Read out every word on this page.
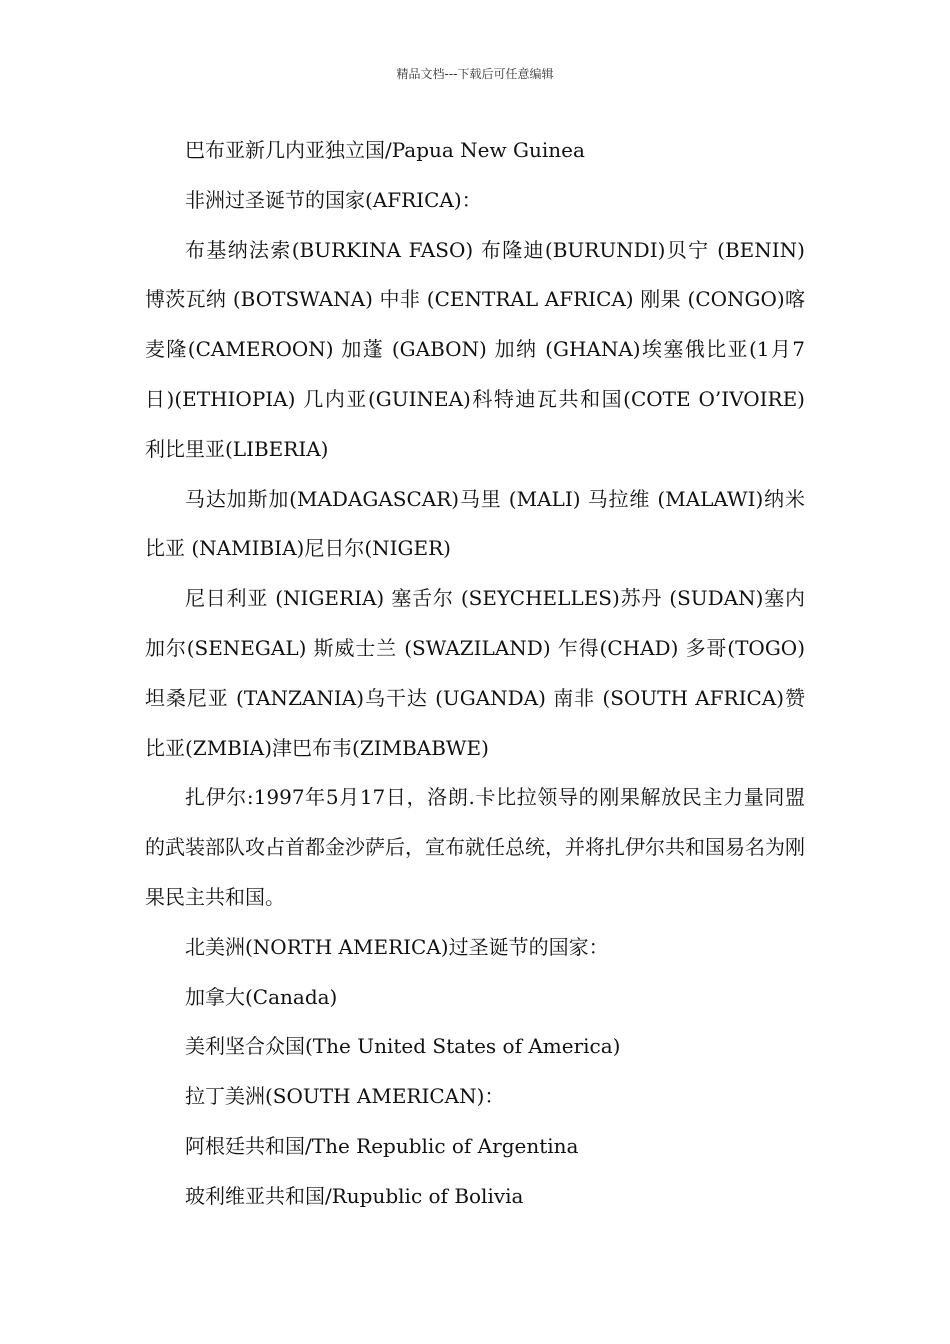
精品文档---下载后可任意编辑

巴布亚新几内亚独立国/Papua New Guinea

非洲过圣诞节的国家(AFRICA)：

布基纳法索(BURKINA FASO) 布隆迪(BURUNDI)贝宁 (BENIN)博茨瓦纳 (BOTSWANA) 中非 (CENTRAL AFRICA) 刚果 (CONGO)喀麦隆(CAMEROON) 加蓬 (GABON) 加纳 (GHANA)埃塞俄比亚(1月7日)(ETHIOPIA) 几内亚(GUINEA)科特迪瓦共和国(COTE O’IVOIRE) 利比里亚(LIBERIA)

马达加斯加(MADAGASCAR)马里 (MALI) 马拉维 (MALAWI)纳米比亚 (NAMIBIA)尼日尔(NIGER)

尼日利亚 (NIGERIA) 塞舌尔 (SEYCHELLES)苏丹 (SUDAN)塞内加尔(SENEGAL) 斯威士兰 (SWAZILAND) 乍得(CHAD) 多哥(TOGO)坦桑尼亚 (TANZANIA)乌干达 (UGANDA) 南非 (SOUTH AFRICA)赞比亚(ZMBIA)津巴布韦(ZIMBABWE)

扎伊尔:1997年5月17日，洛朗.卡比拉领导的刚果解放民主力量同盟的武装部队攻占首都金沙萨后，宣布就任总统，并将扎伊尔共和国易名为刚果民主共和国。

北美洲(NORTH AMERICA)过圣诞节的国家：

加拿大(Canada)

美利坚合众国(The United States of America)

拉丁美洲(SOUTH AMERICAN)：

阿根廷共和国/The Republic of Argentina

玻利维亚共和国/Rupublic of Bolivia
